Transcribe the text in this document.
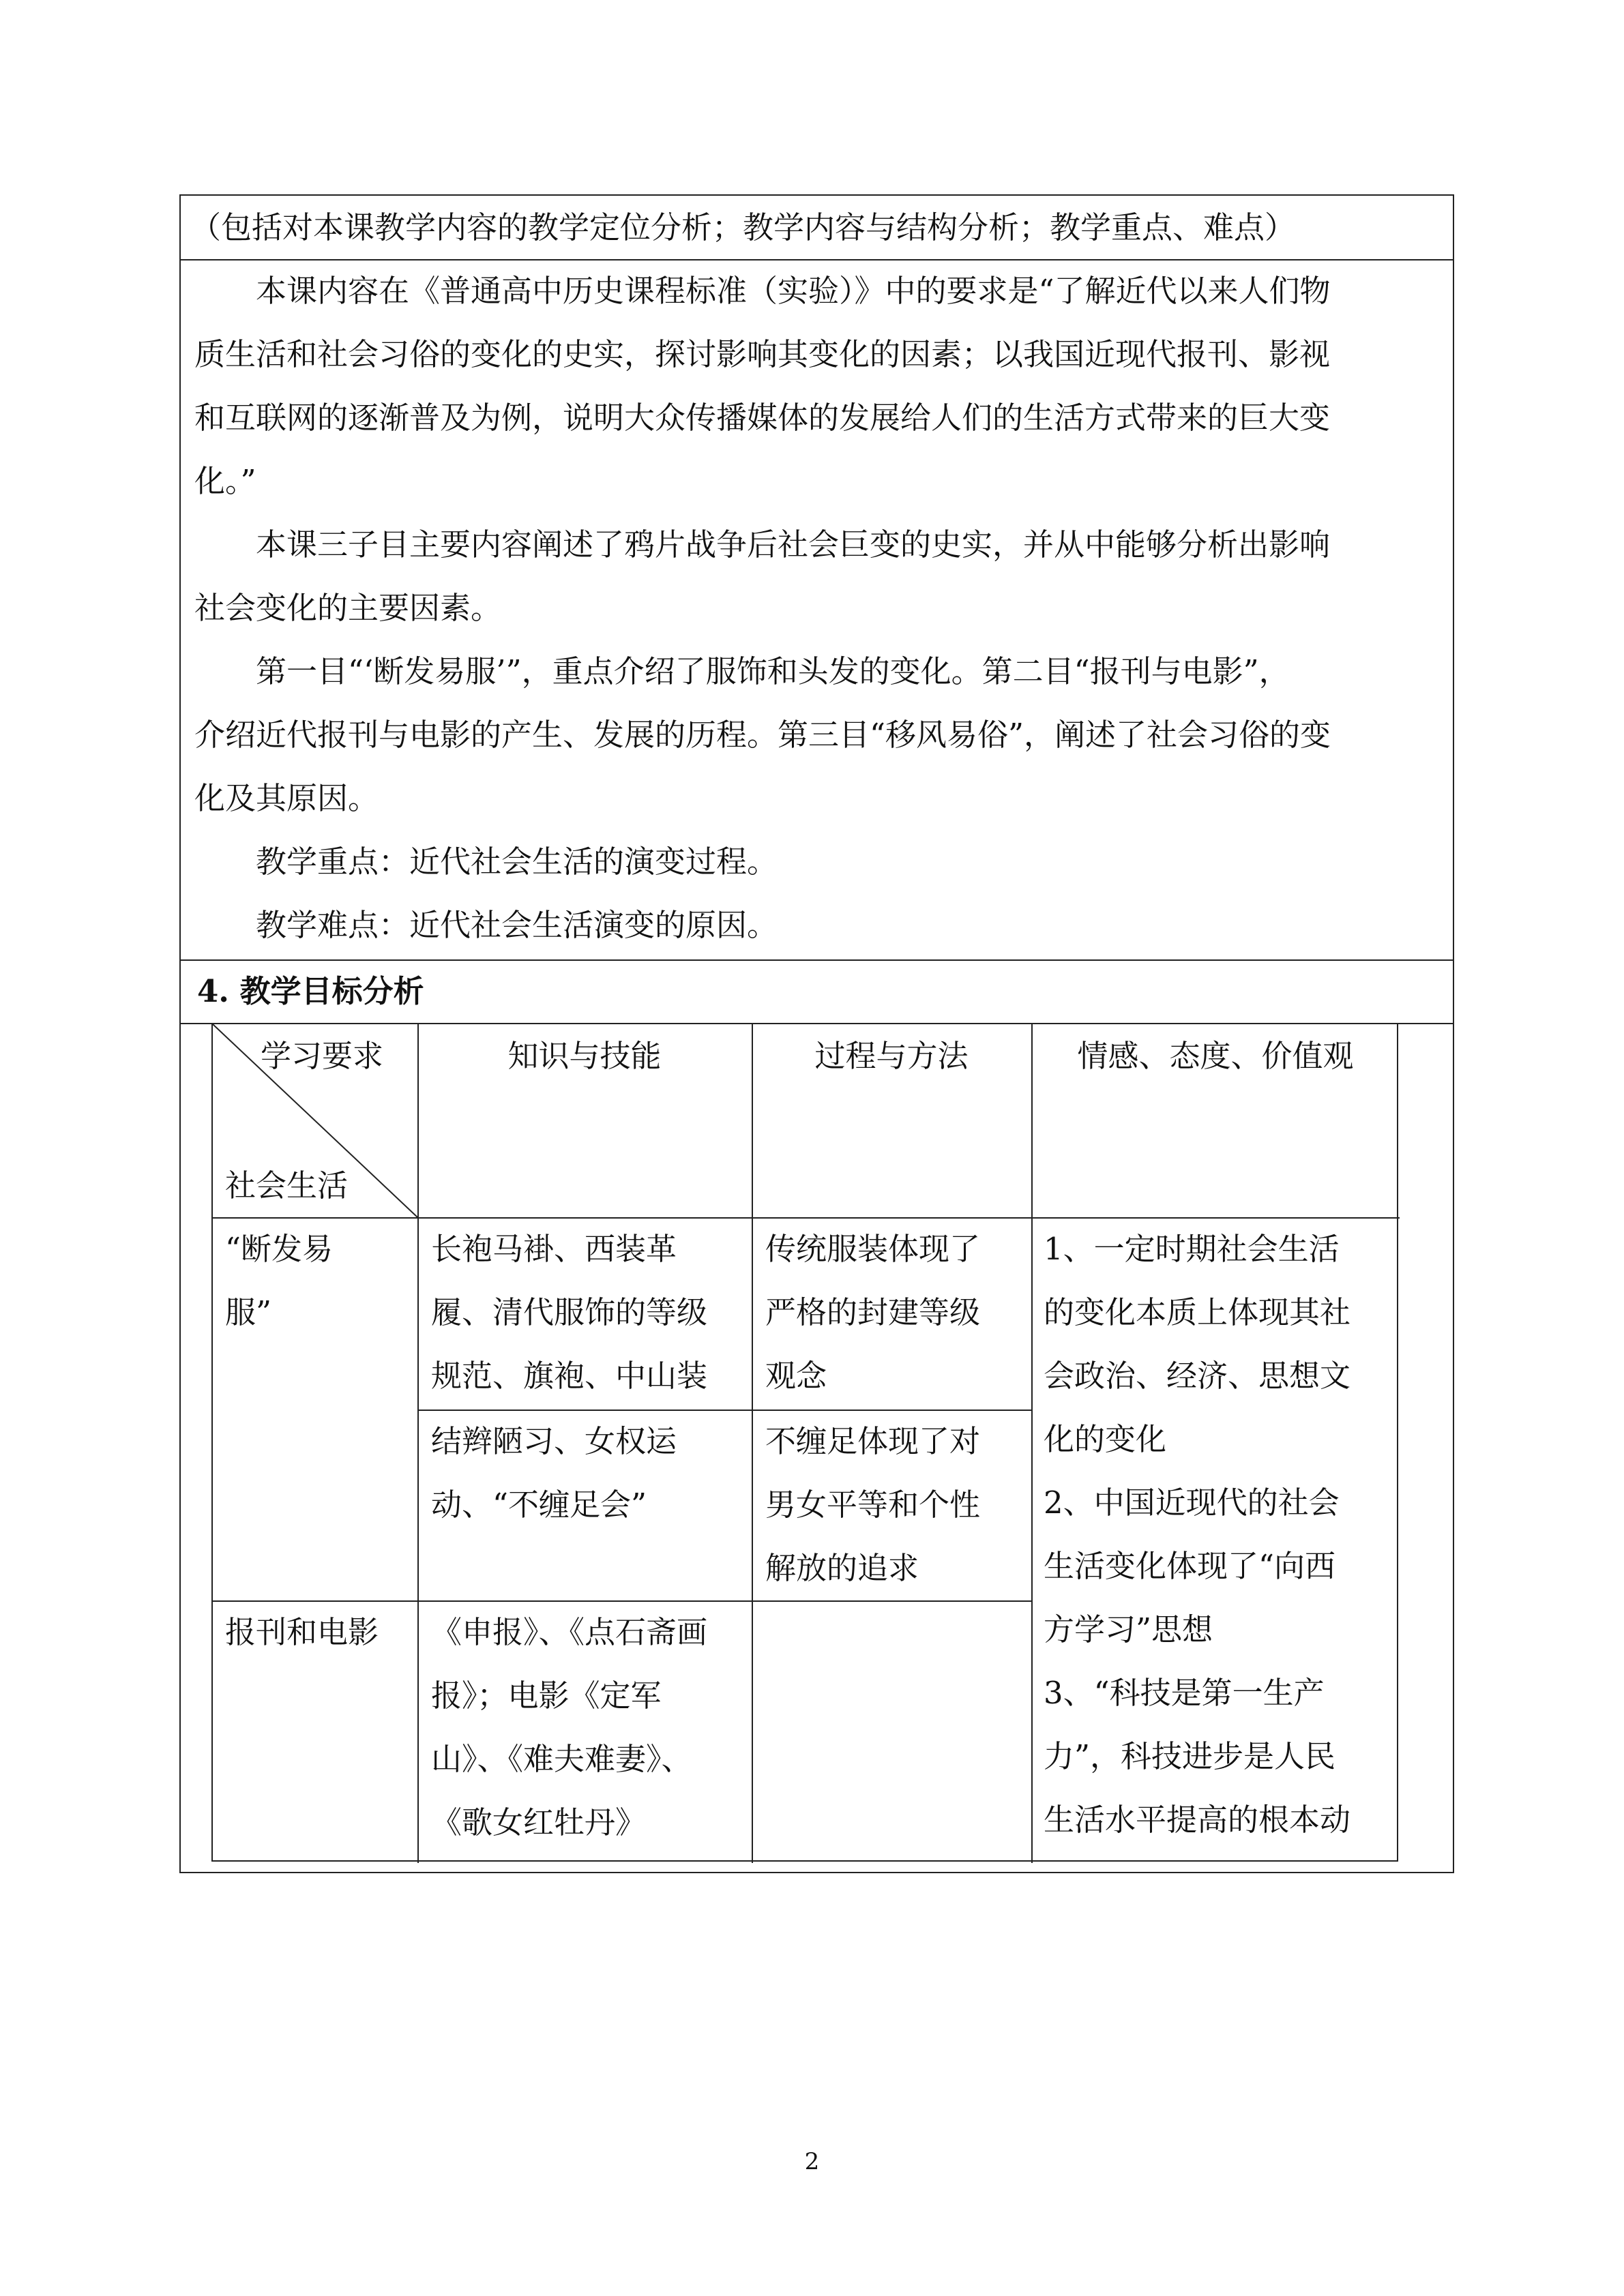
（包括对本课教学内容的教学定位分析；教学内容与结构分析；教学重点、难点）
本课内容在《普通高中历史课程标准（实验）》中的要求是“了解近代以来人们物
质生活和社会习俗的变化的史实，探讨影响其变化的因素；以我国近现代报刊、影视
和互联网的逐渐普及为例，说明大众传播媒体的发展给人们的生活方式带来的巨大变
化。”
本课三子目主要内容阐述了鸦片战争后社会巨变的史实，并从中能够分析出影响
社会变化的主要因素。
第一目“‘断发易服’”，重点介绍了服饰和头发的变化。第二目“报刊与电影”，
介绍近代报刊与电影的产生、发展的历程。第三目“移风易俗”，阐述了社会习俗的变
化及其原因。
教学重点：近代社会生活的演变过程。
教学难点：近代社会生活演变的原因。
4. 教学目标分析
学习要求
社会生活
知识与技能	过程与方法	情感、态度、价值观
“断发易
服”
长袍马褂、西装革
履、清代服饰的等级
规范、旗袍、中山装
传统服装体现了
严格的封建等级
观念
结辫陋习、女权运
动、“不缠足会”
不缠足体现了对
男女平等和个性
解放的追求
1、一定时期社会生活
的变化本质上体现其社
会政治、经济、思想文
化的变化
2、中国近现代的社会
生活变化体现了“向西
方学习”思想
3、“科技是第一生产
力”，科技进步是人民
生活水平提高的根本动
报刊和电影 《申报》、《点石斋画
报》；电影《定军
山》、《难夫难妻》、
《歌女红牡丹》
2
